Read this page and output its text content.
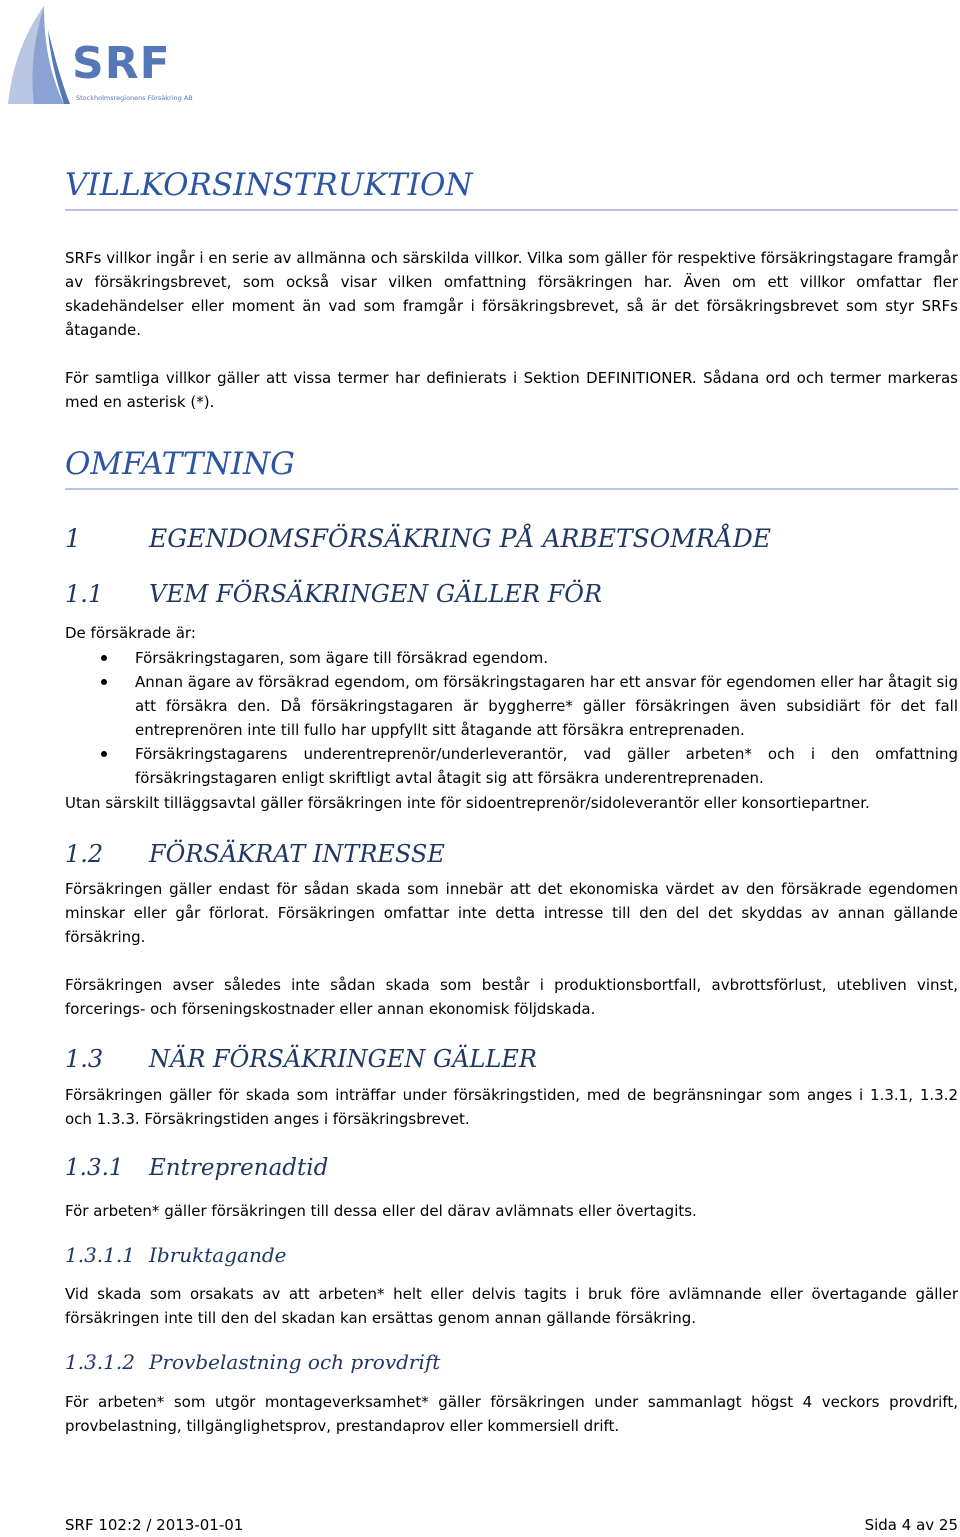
SRF
Stockholmsregionens Försäkring AB
VILLKORSINSTRUKTION

SRFs villkor ingår i en serie av allmänna och särskilda villkor. Vilka som gäller för respektive försäkringstagare framgår av försäkringsbrevet, som också visar vilken omfattning försäkringen har. Även om ett villkor omfattar fler skadehändelser eller moment än vad som framgår i försäkringsbrevet, så är det försäkringsbrevet som styr SRFs åtagande.

För samtliga villkor gäller att vissa termer har definierats i Sektion DEFINITIONER. Sådana ord och termer markeras med en asterisk (*).

OMFATTNING
1	EGENDOMSFÖRSÄKRING PÅ ARBETSOMRÅDE
1.1 VEM FÖRSÄKRINGEN GÄLLER FÖR

De försäkrade är:

Försäkringstagaren, som ägare till försäkrad egendom.
Annan ägare av försäkrad egendom, om försäkringstagaren har ett ansvar för egendomen eller har åtagit sig att försäkra den. Då försäkringstagaren är byggherre* gäller försäkringen även subsidiärt för det fall entreprenören inte till fullo har uppfyllt sitt åtagande att försäkra entreprenaden.
Försäkringstagarens underentreprenör/underleverantör, vad gäller arbeten* och i den omfattning försäkringstagaren enligt skriftligt avtal åtagit sig att försäkra underentreprenaden.

Utan särskilt tilläggsavtal gäller försäkringen inte för sidoentreprenör/sidoleverantör eller konsortiepartner.

1.2 FÖRSÄKRAT INTRESSE

Försäkringen gäller endast för sådan skada som innebär att det ekonomiska värdet av den försäkrade egendomen minskar eller går förlorat. Försäkringen omfattar inte detta intresse till den del det skyddas av annan gällande försäkring.

Försäkringen avser således inte sådan skada som består i produktionsbortfall, avbrottsförlust, utebliven vinst, forcerings- och förseningskostnader eller annan ekonomisk följdskada.

1.3 NÄR FÖRSÄKRINGEN GÄLLER

Försäkringen gäller för skada som inträffar under försäkringstiden, med de begränsningar som anges i 1.3.1, 1.3.2 och 1.3.3. Försäkringstiden anges i försäkringsbrevet.

1.3.1 Entreprenadtid

För arbeten* gäller försäkringen till dessa eller del därav avlämnats eller övertagits.

1.3.1.1 Ibruktagande

Vid skada som orsakats av att arbeten* helt eller delvis tagits i bruk före avlämnande eller övertagande gäller försäkringen inte till den del skadan kan ersättas genom annan gällande försäkring.

1.3.1.2 Provbelastning och provdrift

För arbeten* som utgör montageverksamhet* gäller försäkringen under sammanlagt högst 4 veckors provdrift, provbelastning, tillgänglighetsprov, prestandaprov eller kommersiell drift.

SRF 102:2 / 2013-01-01	Sida 4 av 25
